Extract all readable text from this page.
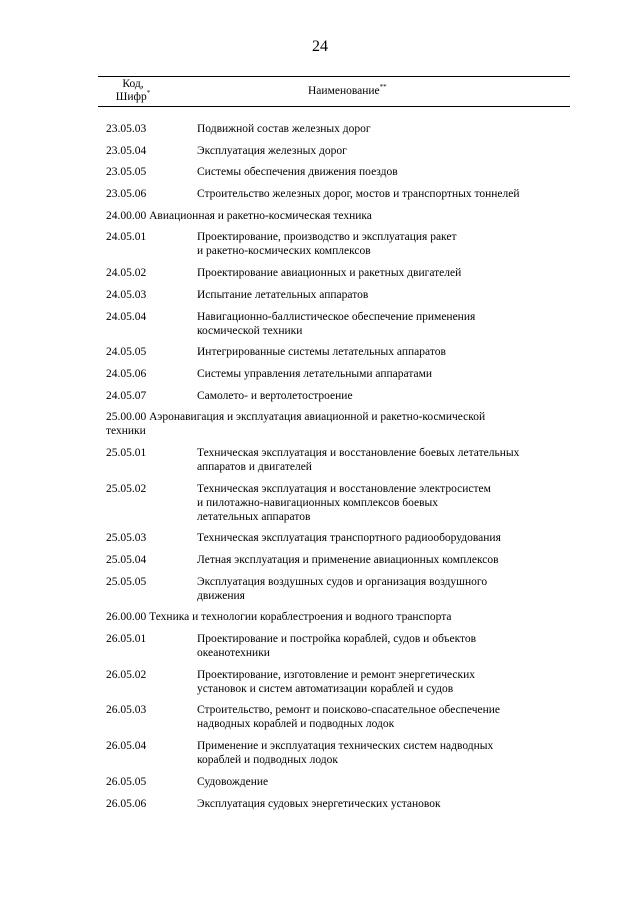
24
Код,
Шифр*	Наименование**
23.05.03	Подвижной состав железных дорог
23.05.04	Эксплуатация железных дорог
23.05.05	Системы обеспечения движения поездов
23.05.06	Строительство железных дорог, мостов и транспортных тоннелей
24.00.00 Авиационная и ракетно-космическая техника
24.05.01	Проектирование, производство и эксплуатация ракет
и ракетно-космических комплексов
24.05.02	Проектирование авиационных и ракетных двигателей
24.05.03	Испытание летательных аппаратов
24.05.04	Навигационно-баллистическое обеспечение применения
космической техники
24.05.05	Интегрированные системы летательных аппаратов
24.05.06	Системы управления летательными аппаратами
24.05.07	Самолето- и вертолетостроение
25.00.00 Аэронавигация и эксплуатация авиационной и ракетно-космической
техники
25.05.01	Техническая эксплуатация и восстановление боевых летательных
аппаратов и двигателей
25.05.02	Техническая эксплуатация и восстановление электросистем
и пилотажно-навигационных комплексов боевых
летательных аппаратов
25.05.03	Техническая эксплуатация транспортного радиооборудования
25.05.04	Летная эксплуатация и применение авиационных комплексов
25.05.05	Эксплуатация воздушных судов и организация воздушного
движения
26.00.00 Техника и технологии кораблестроения и водного транспорта
26.05.01	Проектирование и постройка кораблей, судов и объектов
океанотехники
26.05.02	Проектирование, изготовление и ремонт энергетических
установок и систем автоматизации кораблей и судов
26.05.03	Строительство, ремонт и поисково-спасательное обеспечение
надводных кораблей и подводных лодок
26.05.04	Применение и эксплуатация технических систем надводных
кораблей и подводных лодок
26.05.05	Судовождение
26.05.06	Эксплуатация судовых энергетических установок
